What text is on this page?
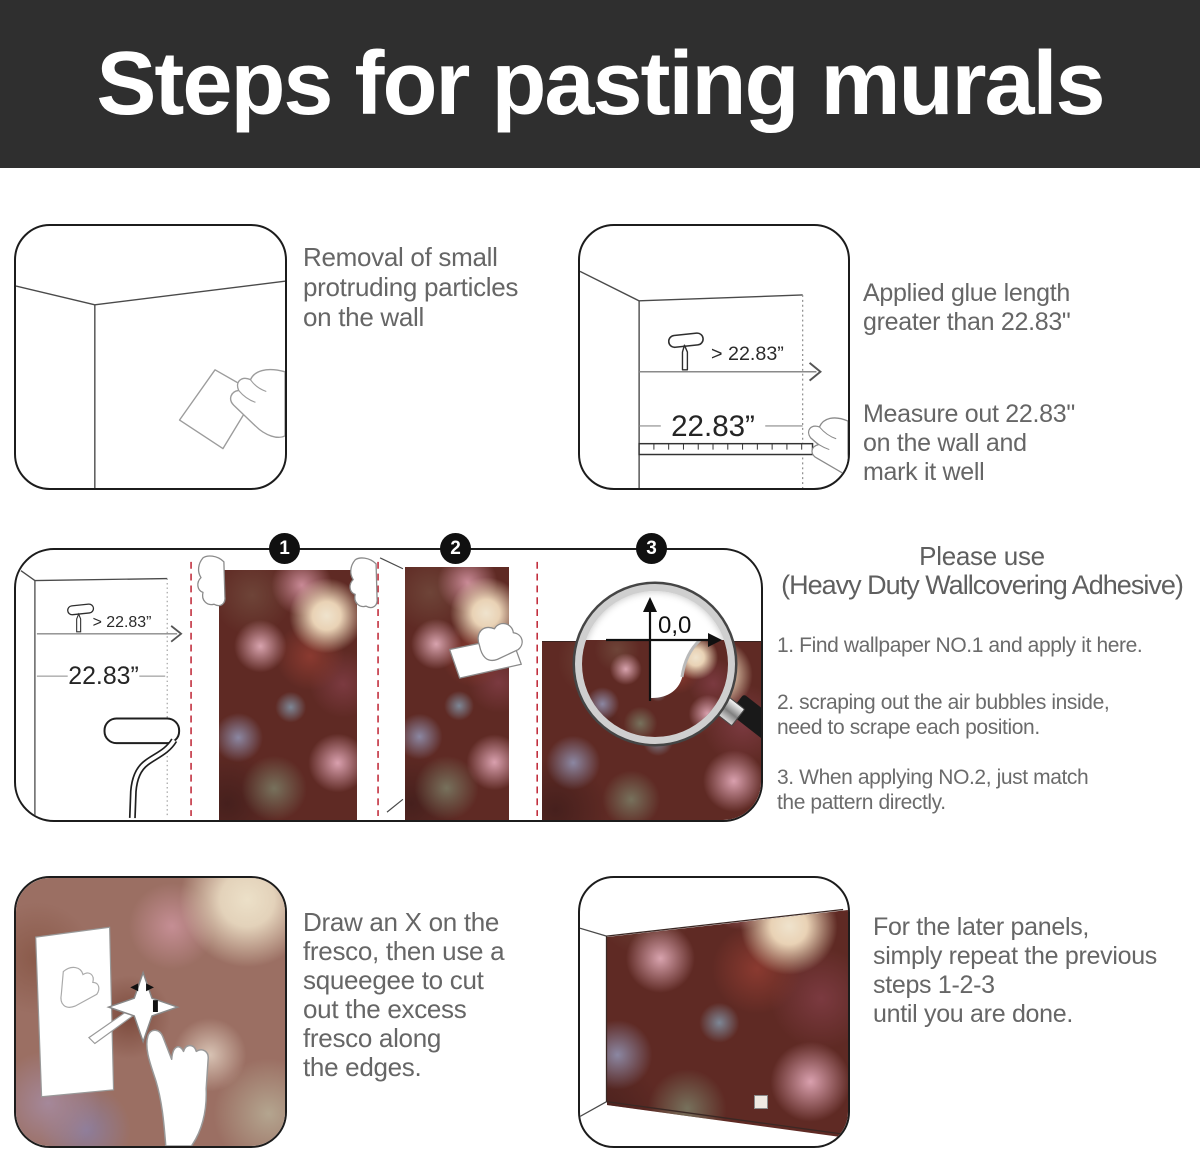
Steps for pasting murals
Removal of small
protruding particles
on the wall
> 22.83”
22.83”
Applied glue length
greater than 22.83"
Measure out 22.83"
on the wall and
mark it well
> 22.83”
22.83”
0,0
1	2	3	Please use
(Heavy Duty Wallcovering Adhesive)
1. Find wallpaper NO.1 and apply it here.
2. scraping out the air bubbles inside,
need to scrape each position.
3. When applying NO.2, just match
the pattern directly.
Draw an X on the
fresco, then use a
squeegee to cut
out the excess
fresco along
the edges.
For the later panels,
simply repeat the previous
steps 1-2-3
until you are done.
